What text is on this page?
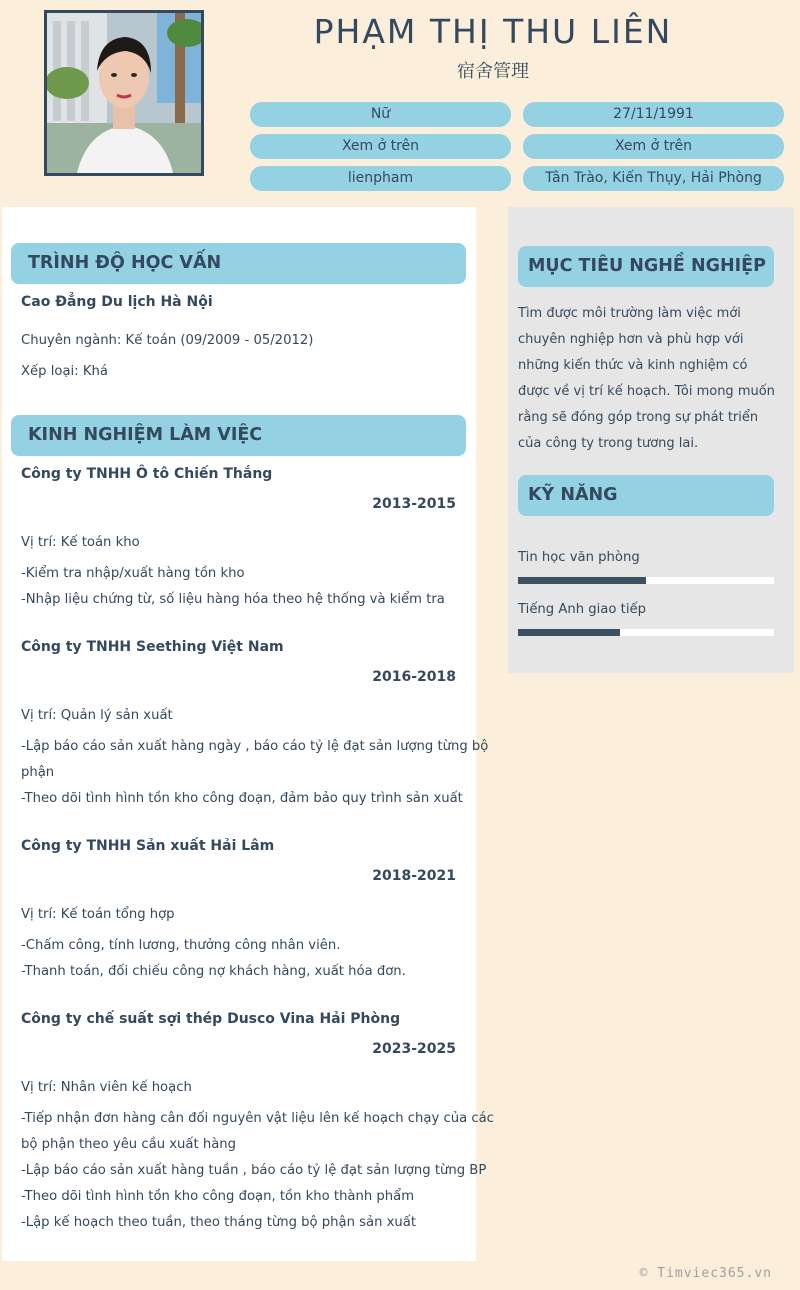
PHẠM THỊ THU LIÊN
宿舍管理
Nữ	27/11/1991
Xem ở trên	Xem ở trên
lienpham	Tân Trào, Kiến Thụy, Hải Phòng
TRÌNH ĐỘ HỌC VẤN
Cao Đẳng Du lịch Hà Nội
Chuyên ngành: Kế toán (09/2009 - 05/2012)
Xếp loại: Khá
KINH NGHIỆM LÀM VIỆC
Công ty TNHH Ô tô Chiến Thắng
2013-2015
Vị trí: Kế toán kho
-Kiểm tra nhập/xuất hàng tồn kho
-Nhập liệu chứng từ, số liệu hàng hóa theo hệ thống và kiểm tra
Công ty TNHH Seething Việt Nam
2016-2018
Vị trí: Quản lý sản xuất
-Lập báo cáo sản xuất hàng ngày , báo cáo tỷ lệ đạt sản lượng từng bộ
phận
-Theo dõi tình hình tồn kho công đoạn, đảm bảo quy trình sản xuất
Công ty TNHH Sản xuất Hải Lâm
2018-2021
Vị trí: Kế toán tổng hợp
-Chấm công, tính lương, thưởng công nhân viên.
-Thanh toán, đối chiếu công nợ khách hàng, xuất hóa đơn.
Công ty chế suất sợi thép Dusco Vina Hải Phòng
2023-2025
Vị trí: Nhân viên kế hoạch
-Tiếp nhận đơn hàng cân đối nguyên vật liệu lên kế hoạch chạy của các
bộ phận theo yêu cầu xuất hàng
-Lập báo cáo sản xuất hàng tuần , báo cáo tỷ lệ đạt sản lượng từng BP
-Theo dõi tình hình tồn kho công đoạn, tồn kho thành phẩm
-Lập kế hoạch theo tuần, theo tháng từng bộ phận sản xuất
MỤC TIÊU NGHỀ NGHIỆP
Tìm được môi trường làm việc mới
chuyên nghiệp hơn và phù hợp với
những kiến thức và kinh nghiệm có
được về vị trí kế hoạch. Tôi mong muốn
rằng sẽ đóng góp trong sự phát triển
của công ty trong tương lai.
KỸ NĂNG
Tin học văn phòng
Tiếng Anh giao tiếp
© Timviec365.vn
